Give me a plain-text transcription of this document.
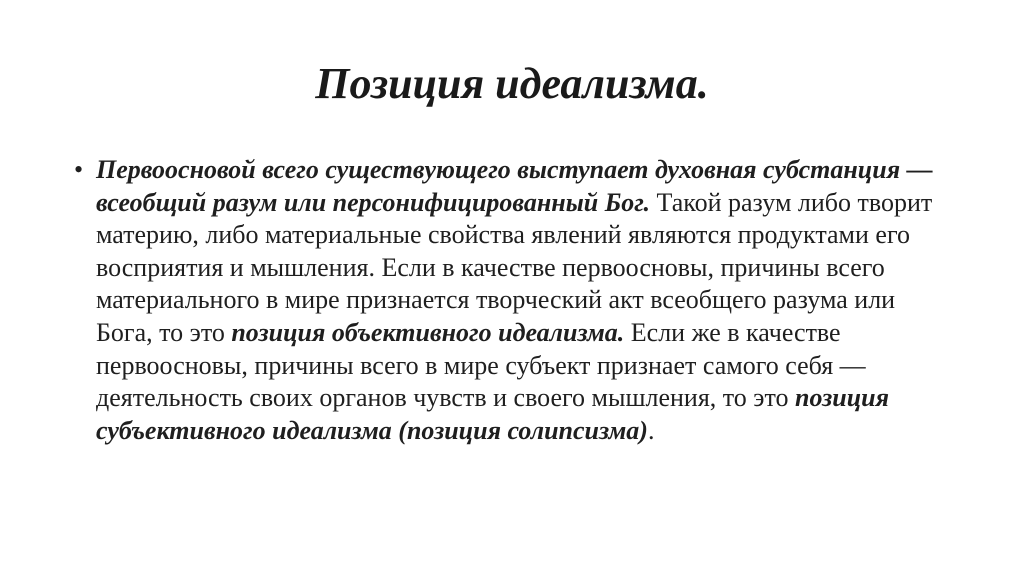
Позиция идеализма.
• Первоосновой всего существующего выступает духовная субстанция — всеобщий разум или персонифицированный Бог. Такой разум либо творит материю, либо материальные свойства явлений являются продуктами его восприятия и мышления. Если в качестве первоосновы, причины всего материального в мире признается творческий акт всеобщего разума или Бога, то это позиция объективного идеализма. Если же в качестве первоосновы, причины всего в мире субъект признает самого себя — деятельность своих органов чувств и своего мышления, то это позиция субъективного идеализма (позиция солипсизма).
